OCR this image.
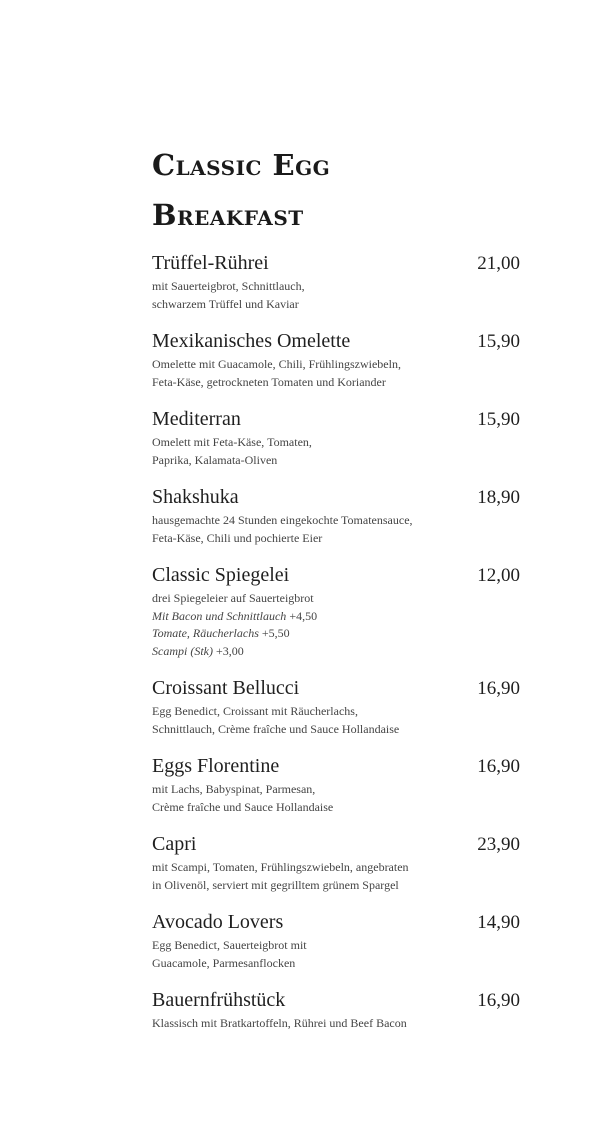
Classic Egg
Breakfast
Trüffel-Rührei	21,00
mit Sauerteigbrot, Schnittlauch,
schwarzem Trüffel und Kaviar
Mexikanisches Omelette	15,90
Omelette mit Guacamole, Chili, Frühlingszwiebeln,
Feta-Käse, getrockneten Tomaten und Koriander
Mediterran	15,90
Omelett mit Feta-Käse, Tomaten,
Paprika, Kalamata-Oliven
Shakshuka	18,90
hausgemachte 24 Stunden eingekochte Tomatensauce,
Feta-Käse, Chili und pochierte Eier
Classic Spiegelei	12,00
drei Spiegeleier auf Sauerteigbrot
Mit Bacon und Schnittlauch +4,50
Tomate, Räucherlachs +5,50
Scampi (Stk) +3,00
Croissant Bellucci	16,90
Egg Benedict, Croissant mit Räucherlachs,
Schnittlauch, Crème fraîche und Sauce Hollandaise
Eggs Florentine	16,90
mit Lachs, Babyspinat, Parmesan,
Crème fraîche und Sauce Hollandaise
Capri	23,90
mit Scampi, Tomaten, Frühlingszwiebeln, angebraten
in Olivenöl, serviert mit gegrilltem grünem Spargel
Avocado Lovers	14,90
Egg Benedict, Sauerteigbrot mit
Guacamole, Parmesanflocken
Bauernfrühstück	16,90
Klassisch mit Bratkartoffeln, Rührei und Beef Bacon
